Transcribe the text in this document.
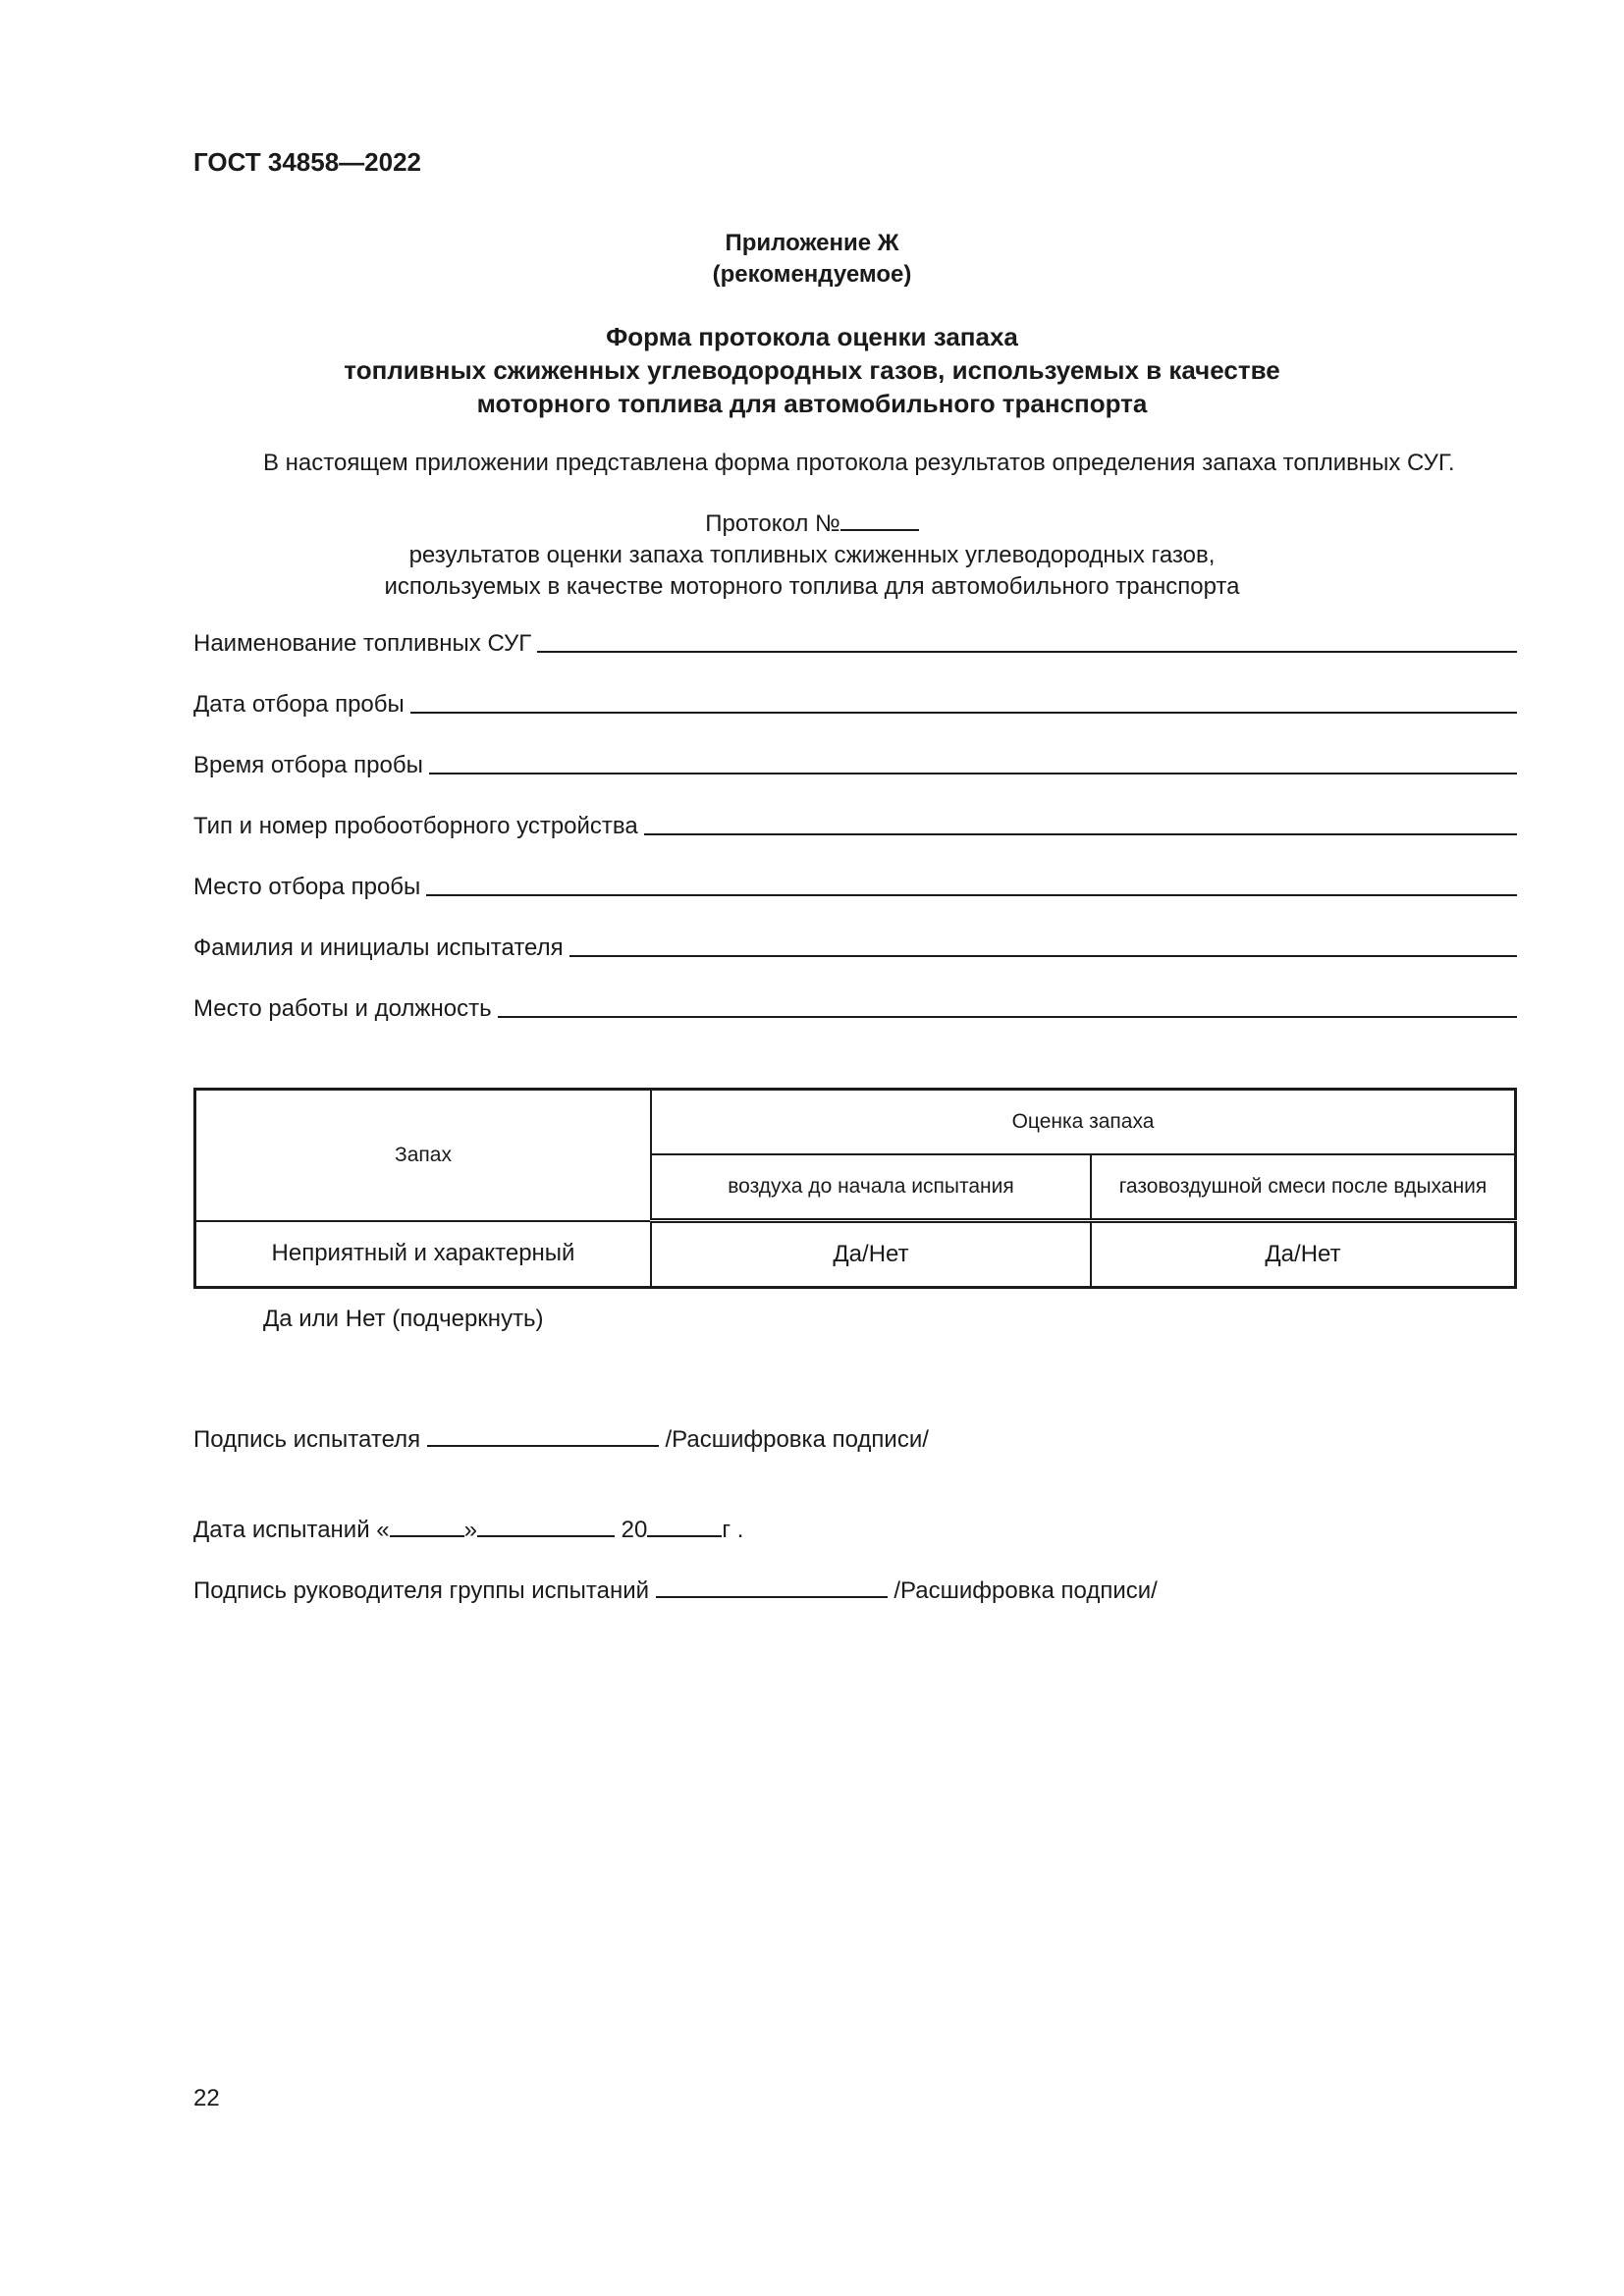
ГОСТ 34858—2022
Приложение Ж
(рекомендуемое)
Форма протокола оценки запаха
топливных сжиженных углеводородных газов, используемых в качестве
моторного топлива для автомобильного транспорта
В настоящем приложении представлена форма протокола результатов определения запаха топливных СУГ.
Протокол №
результатов оценки запаха топливных сжиженных углеводородных газов,
используемых в качестве моторного топлива для автомобильного транспорта
Наименование топливных СУГ
Дата отбора пробы
Время отбора пробы
Тип и номер пробоотборного устройства
Место отбора пробы
Фамилия и инициалы испытателя
Место работы и должность
Запах	Оценка запаха	
	воздуха до начала испытания	газовоздушной смеси после вдыхания
Неприятный и характерный	Да/Нет	Да/Нет
Да или Нет (подчеркнуть)
Подпись испытателя	/Расшифровка подписи/
Дата испытаний «	»	20	г .
Подпись руководителя группы испытаний	/Расшифровка подписи/
22
